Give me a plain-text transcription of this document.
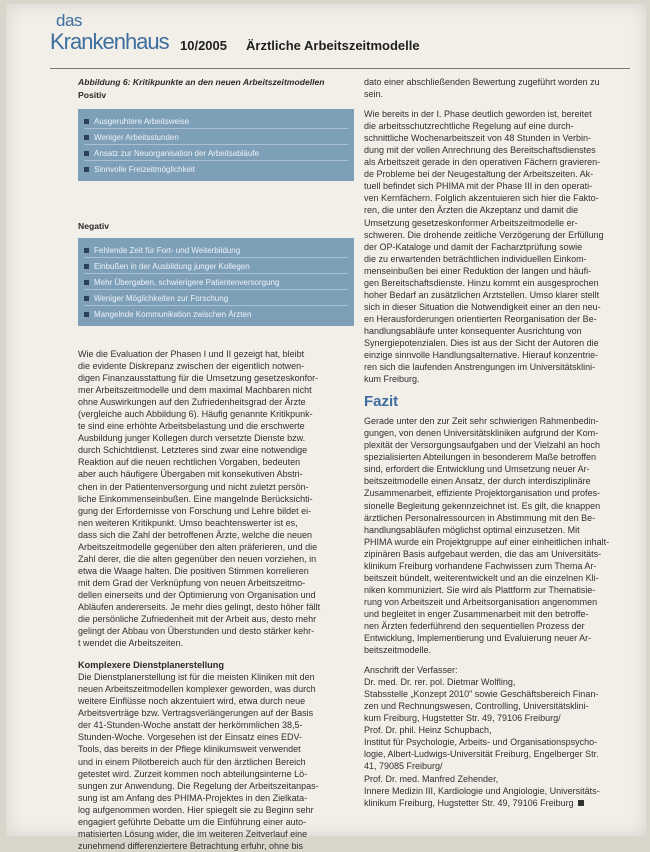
das
Krankenhaus 10/2005 Ärztliche Arbeitszeitmodelle
Abbildung 6: Kritikpunkte an den neuen Arbeitszeitmodellen
Positiv
Ausgeruhtere Arbeitsweise
Weniger Arbeitsstunden
Ansatz zur Neuorganisation der Arbeitsabläufe
Sinnvolle Freizeitmöglichkeit
Negativ
Fehlende Zeit für Fort- und Weiterbildung
Einbußen in der Ausbildung junger Kollegen
Mehr Übergaben, schwierigere Patientenversorgung
Weniger Möglichkeiten zur Forschung
Mangelnde Kommunikation zwischen Ärzten
Wie die Evaluation der Phasen I und II gezeigt hat, bleibt
die evidente Diskrepanz zwischen der eigentlich notwen-
digen Finanzausstattung für die Umsetzung gesetzeskonfor-
mer Arbeitszeitmodelle und dem maximal Machbaren nicht
ohne Auswirkungen auf den Zufriedenheitsgrad der Ärzte
(vergleiche auch Abbildung 6). Häufig genannte Kritikpunk-
te sind eine erhöhte Arbeitsbelastung und die erschwerte
Ausbildung junger Kollegen durch versetzte Dienste bzw.
durch Schichtdienst. Letzteres sind zwar eine notwendige
Reaktion auf die neuen rechtlichen Vorgaben, bedeuten
aber auch häufigere Übergaben mit konsekutiven Abstri-
chen in der Patientenversorgung und nicht zuletzt persön-
liche Einkommenseinbußen. Eine mangelnde Berücksichti-
gung der Erfordernisse von Forschung und Lehre bildet ei-
nen weiteren Kritikpunkt. Umso beachtenswerter ist es,
dass sich die Zahl der betroffenen Ärzte, welche die neuen
Arbeitszeitmodelle gegenüber den alten präferieren, und die
Zahl derer, die die alten gegenüber den neuen vorziehen, in
etwa die Waage halten. Die positiven Stimmen korrelieren
mit dem Grad der Verknüpfung von neuen Arbeitszeitmo-
dellen einerseits und der Optimierung von Organisation und
Abläufen andererseits. Je mehr dies gelingt, desto höher fällt
die persönliche Zufriedenheit mit der Arbeit aus, desto mehr
gelingt der Abbau von Überstunden und desto stärker kehr-
t wendet die Arbeitszeiten.
Komplexere Dienstplanerstellung
Die Dienstplanerstellung ist für die meisten Kliniken mit den
neuen Arbeitszeitmodellen komplexer geworden, was durch
weitere Einflüsse noch akzentuiert wird, etwa durch neue
Arbeitsverträge bzw. Vertragsverlängerungen auf der Basis
der 41-Stunden-Woche anstatt der herkömmlichen 38,5-
Stunden-Woche. Vorgesehen ist der Einsatz eines EDV-
Tools, das bereits in der Pflege klinikumsweit verwendet
und in einem Pilotbereich auch für den ärztlichen Bereich
getestet wird. Zurzeit kommen noch abteilungsinterne Lö-
sungen zur Anwendung. Die Regelung der Arbeitszeitanpas-
sung ist am Anfang des PHIMA-Projektes in den Zielkata-
log aufgenommen worden. Hier spiegelt sie zu Beginn sehr
engagiert geführte Debatte um die Einführung einer auto-
matisierten Lösung wider, die im weiteren Zeitverlauf eine
zunehmend differenziertere Betrachtung erfuhr, ohne bis
dato einer abschließenden Bewertung zugeführt worden zu
sein.
Wie bereits in der I. Phase deutlich geworden ist, bereitet
die arbeitsschutzrechtliche Regelung auf eine durch-
schnittliche Wochenarbeitszeit von 48 Stunden in Verbin-
dung mit der vollen Anrechnung des Bereitschaftsdienstes
als Arbeitszeit gerade in den operativen Fächern gravieren-
de Probleme bei der Neugestaltung der Arbeitszeiten. Ak-
tuell befindet sich PHIMA mit der Phase III in den operati-
ven Kernfächern. Folglich akzentuieren sich hier die Fakto-
ren, die unter den Ärzten die Akzeptanz und damit die
Umsetzung gesetzeskonformer Arbeitszeitmodelle er-
schweren. Die drohende zeitliche Verzögerung der Erfüllung
der OP-Kataloge und damit der Facharztprüfung sowie
die zu erwartenden beträchtlichen individuellen Einkom-
menseinbußen bei einer Reduktion der langen und häufi-
gen Bereitschaftsdienste. Hinzu kommt ein ausgesprochen
hoher Bedarf an zusätzlichen Arztstellen. Umso klarer stellt
sich in dieser Situation die Notwendigkeit einer an den neu-
en Herausforderungen orientierten Reorganisation der Be-
handlungsabläufe unter konsequenter Ausrichtung von
Synergiepotenzialen. Dies ist aus der Sicht der Autoren die
einzige sinnvolle Handlungsalternative. Hierauf konzentrie-
ren sich die laufenden Anstrengungen im Universitätsklini-
kum Freiburg.
Fazit
Gerade unter den zur Zeit sehr schwierigen Rahmenbedin-
gungen, von denen Universitätskliniken aufgrund der Kom-
plexität der Versorgungsaufgaben und der Vielzahl an hoch
spezialisierten Abteilungen in besonderem Maße betroffen
sind, erfordert die Entwicklung und Umsetzung neuer Ar-
beitszeitmodelle einen Ansatz, der durch interdisziplinäre
Zusammenarbeit, effiziente Projektorganisation und profes-
sionelle Begleitung gekennzeichnet ist. Es gilt, die knappen
ärztlichen Personalressourcen in Abstimmung mit den Be-
handlungsabläufen möglichst optimal einzusetzen. Mit
PHIMA wurde ein Projektgruppe auf einer einheitlichen inhalt-
zipinären Basis aufgebaut werden, die das am Universitäts-
klinikum Freiburg vorhandene Fachwissen zum Thema Ar-
beitszeit bündelt, weiterentwickelt und an die einzelnen Kli-
niken kommuniziert. Sie wird als Plattform zur Thematisie-
rung von Arbeitszeit und Arbeitsorganisation angenommen
und begleitet in enger Zusammenarbeit mit den betroffe-
nen Ärzten federführend den sequentiellen Prozess der
Entwicklung, Implementierung und Evaluierung neuer Ar-
beitszeitmodelle.
Anschrift der Verfasser:
Dr. med. Dr. rer. pol. Dietmar Wolfling,
Stabsstelle „Konzept 2010" sowie Geschäftsbereich Finan-
zen und Rechnungswesen, Controlling, Universitätsklini-
kum Freiburg, Hugstetter Str. 49, 79106 Freiburg/
Prof. Dr. phil. Heinz Schupbach,
Institut für Psychologie, Arbeits- und Organisationspsycho-
logie, Albert-Ludwigs-Universität Freiburg, Engelberger Str.
41, 79085 Freiburg/
Prof. Dr. med. Manfred Zehender,
Innere Medizin III, Kardiologie und Angiologie, Universitäts-
klinikum Freiburg, Hugstetter Str. 49, 79106 Freiburg
